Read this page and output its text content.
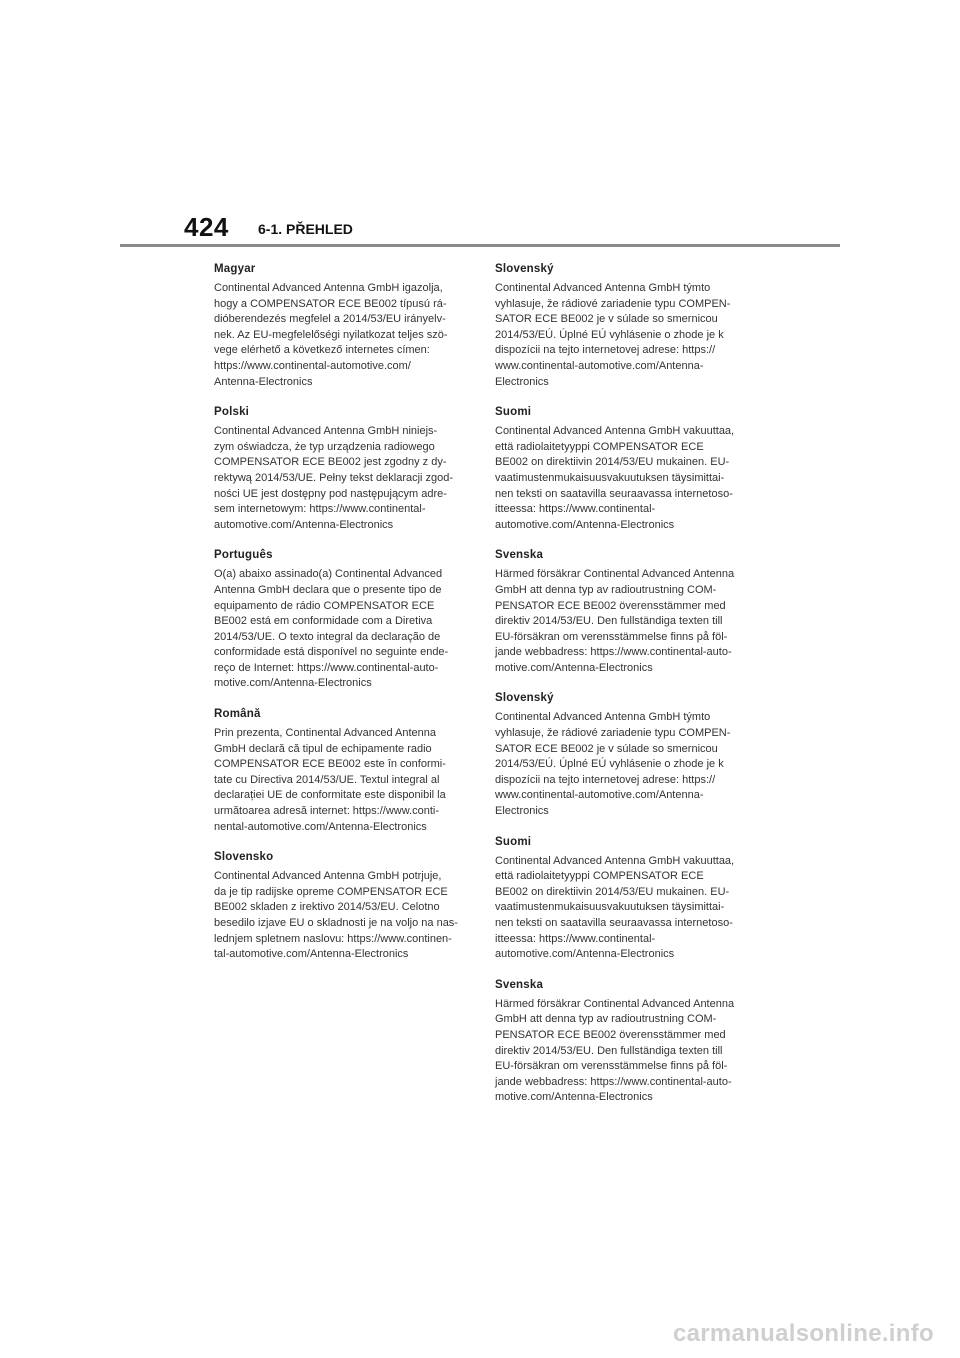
424 6-1. PŘEHLED
Magyar

Continental Advanced Antenna GmbH igazolja,
hogy a COMPENSATOR ECE BE002 típusú rá-
dióberendezés megfelel a 2014/53/EU irányelv-
nek. Az EU-megfelelőségi nyilatkozat teljes szö-
vege elérhető a következő internetes címen:
https://www.continental-automotive.com/
Antenna-Electronics

Polski

Continental Advanced Antenna GmbH niniejs-
zym oświadcza, że typ urządzenia radiowego
COMPENSATOR ECE BE002 jest zgodny z dy-
rektywą 2014/53/UE. Pełny tekst deklaracji zgod-
ności UE jest dostępny pod następującym adre-
sem internetowym: https://www.continental-
automotive.com/Antenna-Electronics

Português

O(a) abaixo assinado(a) Continental Advanced
Antenna GmbH declara que o presente tipo de
equipamento de rádio COMPENSATOR ECE
BE002 está em conformidade com a Diretiva
2014/53/UE. O texto integral da declaração de
conformidade está disponível no seguinte ende-
reço de Internet: https://www.continental-auto-
motive.com/Antenna-Electronics

Română

Prin prezenta, Continental Advanced Antenna
GmbH declară că tipul de echipamente radio
COMPENSATOR ECE BE002 este în conformi-
tate cu Directiva 2014/53/UE. Textul integral al
declarației UE de conformitate este disponibil la
următoarea adresă internet: https://www.conti-
nental-automotive.com/Antenna-Electronics

Slovensko

Continental Advanced Antenna GmbH potrjuje,
da je tip radijske opreme COMPENSATOR ECE
BE002 skladen z irektivo 2014/53/EU. Celotno
besedilo izjave EU o skladnosti je na voljo na nas-
lednjem spletnem naslovu: https://www.continen-
tal-automotive.com/Antenna-Electronics

Slovenský

Continental Advanced Antenna GmbH týmto
vyhlasuje, že rádiové zariadenie typu COMPEN-
SATOR ECE BE002 je v súlade so smernicou
2014/53/EÚ. Úplné EÚ vyhlásenie o zhode je k
dispozícii na tejto internetovej adrese: https://
www.continental-automotive.com/Antenna-
Electronics

Suomi

Continental Advanced Antenna GmbH vakuuttaa,
että radiolaitetyyppi COMPENSATOR ECE
BE002 on direktiivin 2014/53/EU mukainen. EU-
vaatimustenmukaisuusvakuutuksen täysimittai-
nen teksti on saatavilla seuraavassa internetoso-
itteessa: https://www.continental-
automotive.com/Antenna-Electronics

Svenska

Härmed försäkrar Continental Advanced Antenna
GmbH att denna typ av radioutrustning COM-
PENSATOR ECE BE002 överensstämmer med
direktiv 2014/53/EU. Den fullständiga texten till
EU-försäkran om verensstämmelse finns på föl-
jande webbadress: https://www.continental-auto-
motive.com/Antenna-Electronics

Slovenský

Continental Advanced Antenna GmbH týmto
vyhlasuje, že rádiové zariadenie typu COMPEN-
SATOR ECE BE002 je v súlade so smernicou
2014/53/EÚ. Úplné EÚ vyhlásenie o zhode je k
dispozícii na tejto internetovej adrese: https://
www.continental-automotive.com/Antenna-
Electronics

Suomi

Continental Advanced Antenna GmbH vakuuttaa,
että radiolaitetyyppi COMPENSATOR ECE
BE002 on direktiivin 2014/53/EU mukainen. EU-
vaatimustenmukaisuusvakuutuksen täysimittai-
nen teksti on saatavilla seuraavassa internetoso-
itteessa: https://www.continental-
automotive.com/Antenna-Electronics

Svenska

Härmed försäkrar Continental Advanced Antenna
GmbH att denna typ av radioutrustning COM-
PENSATOR ECE BE002 överensstämmer med
direktiv 2014/53/EU. Den fullständiga texten till
EU-försäkran om verensstämmelse finns på föl-
jande webbadress: https://www.continental-auto-
motive.com/Antenna-Electronics

carmanualsonline.info
